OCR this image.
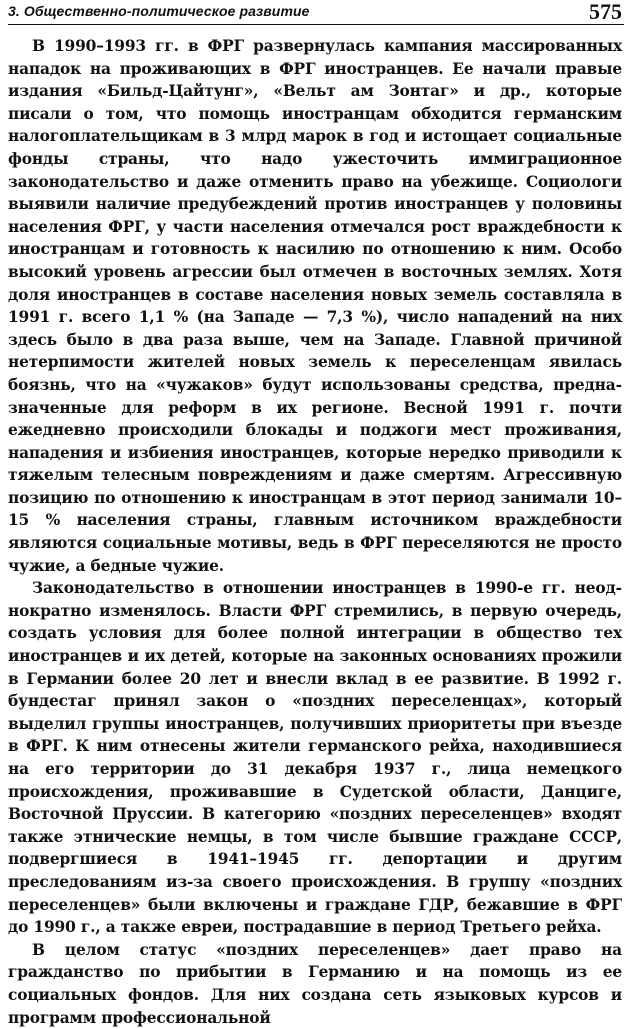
3. Общественно-политическое развитие	575

В 1990–1993 гг. в ФРГ развернулась кампания массированных нападок на проживающих в ФРГ иностранцев. Ее начали правые издания «Бильд-Цайтунг», «Вельт ам Зонтаг» и др., которые писали о том, что помощь иностранцам обходится германским налогоплательщикам в 3 млрд марок в год и истощает социальные фонды страны, что надо ужесточить иммиграционное законодательство и даже отменить право на убежище. Социологи выявили наличие предубеждений против иностранцев у половины населения ФРГ, у части населения отмечался рост враждебности к иностранцам и готовность к насилию по отношению к ним. Особо высокий уровень агрессии был отмечен в восточных землях. Хотя доля иностранцев в составе населения новых земель составляла в 1991 г. всего 1,1 % (на Западе — 7,3 %), число нападений на них здесь было в два раза выше, чем на Западе. Главной причиной нетерпимости жителей новых земель к переселенцам явилась боязнь, что на «чужаков» будут использованы средства, предназначенные для реформ в их регионе. Весной 1991 г. почти ежедневно происходили блокады и поджоги мест проживания, нападения и избиения иностранцев, которые нередко приводили к тяжелым телесным повреждениям и даже смертям. Агрессивную позицию по отношению к иностранцам в этот период занимали 10–15 % населения страны, главным источником враждебности являются социальные мотивы, ведь в ФРГ переселяются не просто чужие, а бедные чужие.

Законодательство в отношении иностранцев в 1990-е гг. неоднократно изменялось. Власти ФРГ стремились, в первую очередь, создать условия для более полной интеграции в общество тех иностранцев и их детей, которые на законных основаниях прожили в Германии более 20 лет и внесли вклад в ее развитие. В 1992 г. бундестаг принял закон о «поздних переселенцах», который выделил группы иностранцев, получивших приоритеты при въезде в ФРГ. К ним отнесены жители германского рейха, находившиеся на его территории до 31 декабря 1937 г., лица немецкого происхождения, проживавшие в Судетской области, Данциге, Восточной Пруссии. В категорию «поздних переселенцев» входят также этнические немцы, в том числе бывшие граждане СССР, подвергшиеся в 1941–1945 гг. депортации и другим преследованиям из-за своего происхождения. В группу «поздних переселенцев» были включены и граждане ГДР, бежавшие в ФРГ до 1990 г., а также евреи, пострадавшие в период Третьего рейха.

В целом статус «поздних переселенцев» дает право на гражданство по прибытии в Германию и на помощь из ее социальных фондов. Для них создана сеть языковых курсов и программ профессиональной
